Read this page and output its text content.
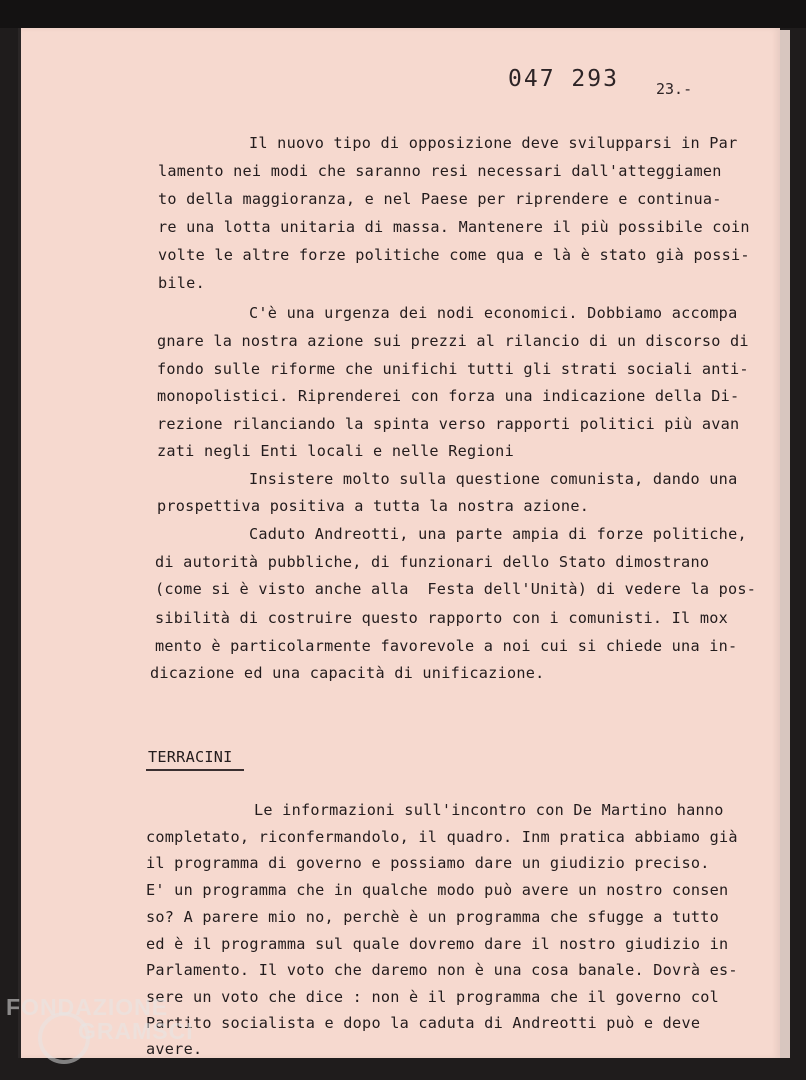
047 293 23.-
Il nuovo tipo di opposizione deve svilupparsi in Par
lamento nei modi che saranno resi necessari dall'atteggiamen
to della maggioranza, e nel Paese per riprendere e continua-
re una lotta unitaria di massa. Mantenere il più possibile coin
volte le altre forze politiche come qua e là è stato già possi-
bile.
C'è una urgenza dei nodi economici. Dobbiamo accompa
gnare la nostra azione sui prezzi al rilancio di un discorso di
fondo sulle riforme che unifichi tutti gli strati sociali anti-
monopolistici. Riprenderei con forza una indicazione della Di-
rezione rilanciando la spinta verso rapporti politici più avan
zati negli Enti locali e nelle Regioni
Insistere molto sulla questione comunista, dando una
prospettiva positiva a tutta la nostra azione.
Caduto Andreotti, una parte ampia di forze politiche,
di autorità pubbliche, di funzionari dello Stato dimostrano
(come si è visto anche alla  Festa dell'Unità) di vedere la pos-
sibilità di costruire questo rapporto con i comunisti. Il mox
mento è particolarmente favorevole a noi cui si chiede una in-
dicazione ed una capacità di unificazione.
TERRACINI
Le informazioni sull'incontro con De Martino hanno
completato, riconfermandolo, il quadro. Inm pratica abbiamo già
il programma di governo e possiamo dare un giudizio preciso.
E' un programma che in qualche modo può avere un nostro consen
so? A parere mio no, perchè è un programma che sfugge a tutto
ed è il programma sul quale dovremo dare il nostro giudizio in
Parlamento. Il voto che daremo non è una cosa banale. Dovrà es-
sere un voto che dice : non è il programma che il governo col
Partito socialista e dopo la caduta di Andreotti può e deve
avere.
FONDAZIONE
GRAMSCI
